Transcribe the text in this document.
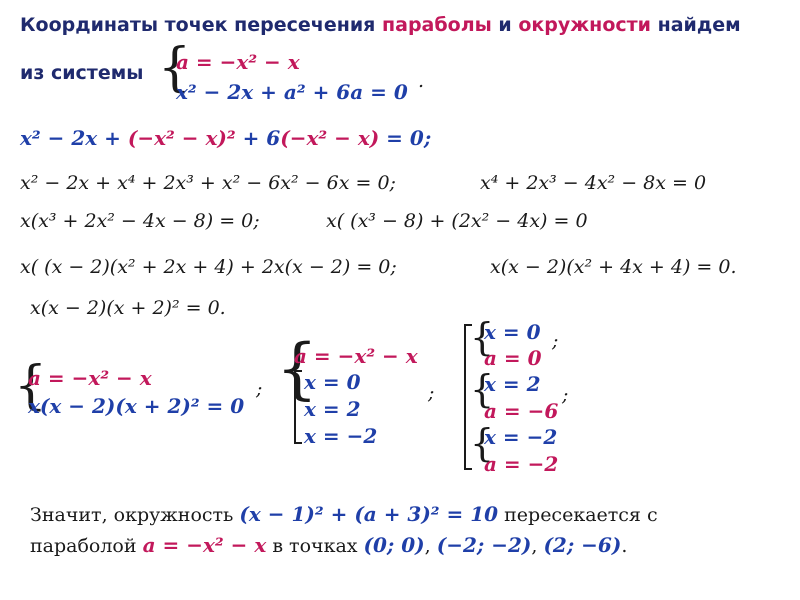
Координаты точек пересечения параболы и окружности найдем
из системы {
a = −x² − x
x² − 2x + a² + 6a = 0 .
x² − 2x + (−x² − x)² + 6(−x² − x) = 0;
x² − 2x + x⁴ + 2x³ + x² − 6x² − 6x = 0;	x⁴ + 2x³ − 4x² − 8x = 0
x(x³ + 2x² − 4x − 8) = 0;	x( (x³ − 8) + (2x² − 4x) = 0
x( (x − 2)(x² + 2x + 4) + 2x(x − 2) = 0;	x(x − 2)(x² + 4x + 4) = 0.
x(x − 2)(x + 2)² = 0.
{
a = −x² − x
x(x − 2)(x + 2)² = 0
; {
a = −x² − x
x = 0
x = 2
x = −2
;
{
x = 0
a = 0
;
{
x = 2
a = −6
;
{
x = −2
a = −2
Значит, окружность (x − 1)² + (a + 3)² = 10 пересекается с
параболой a = −x² − x в точках (0; 0), (−2; −2), (2; −6).
